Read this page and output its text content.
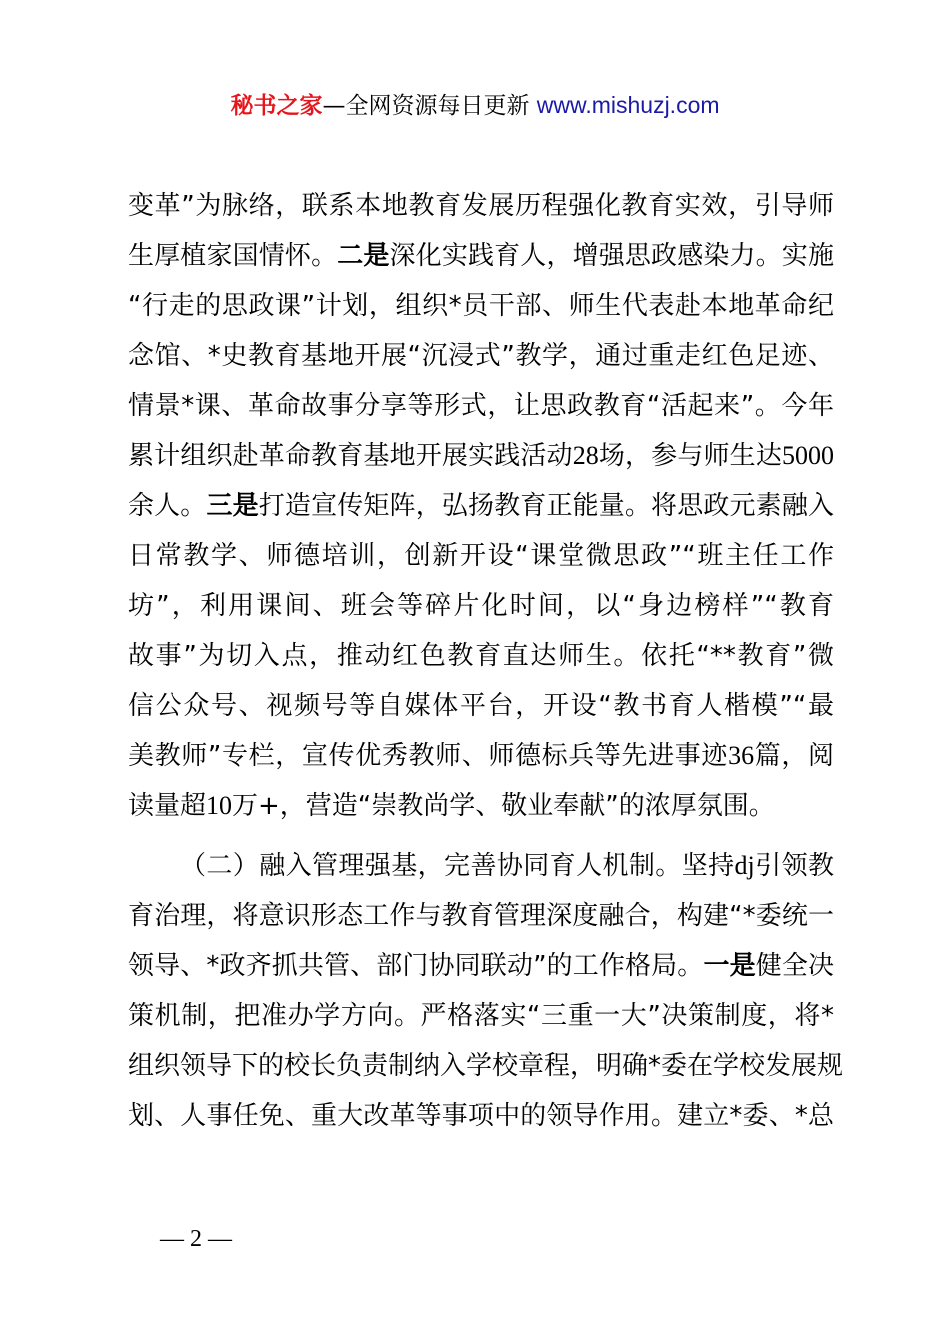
秘书之家—全网资源每日更新 www.mishuzj.com
变革”为脉络，联系本地教育发展历程强化教育实效，引导师
生厚植家国情怀。二是深化实践育人，增强思政感染力。实施
“行走的思政课”计划，组织*员干部、师生代表赴本地革命纪
念馆、*史教育基地开展“沉浸式”教学，通过重走红色足迹、
情景*课、革命故事分享等形式，让思政教育“活起来”。今年
累计组织赴革命教育基地开展实践活动28场，参与师生达5000
余人。三是打造宣传矩阵，弘扬教育正能量。将思政元素融入
日常教学、师德培训，创新开设“课堂微思政”“班主任工作
坊”，利用课间、班会等碎片化时间，以“身边榜样”“教育
故事”为切入点，推动红色教育直达师生。依托“**教育”微
信公众号、视频号等自媒体平台，开设“教书育人楷模”“最
美教师”专栏，宣传优秀教师、师德标兵等先进事迹36篇，阅
读量超10万+，营造“崇教尚学、敬业奉献”的浓厚氛围。
（二）融入管理强基，完善协同育人机制。坚持dj引领教
育治理，将意识形态工作与教育管理深度融合，构建“*委统一
领导、*政齐抓共管、部门协同联动”的工作格局。一是健全决
策机制，把准办学方向。严格落实“三重一大”决策制度，将*
组织领导下的校长负责制纳入学校章程，明确*委在学校发展规
划、人事任免、重大改革等事项中的领导作用。建立*委、*总
— 2 —
